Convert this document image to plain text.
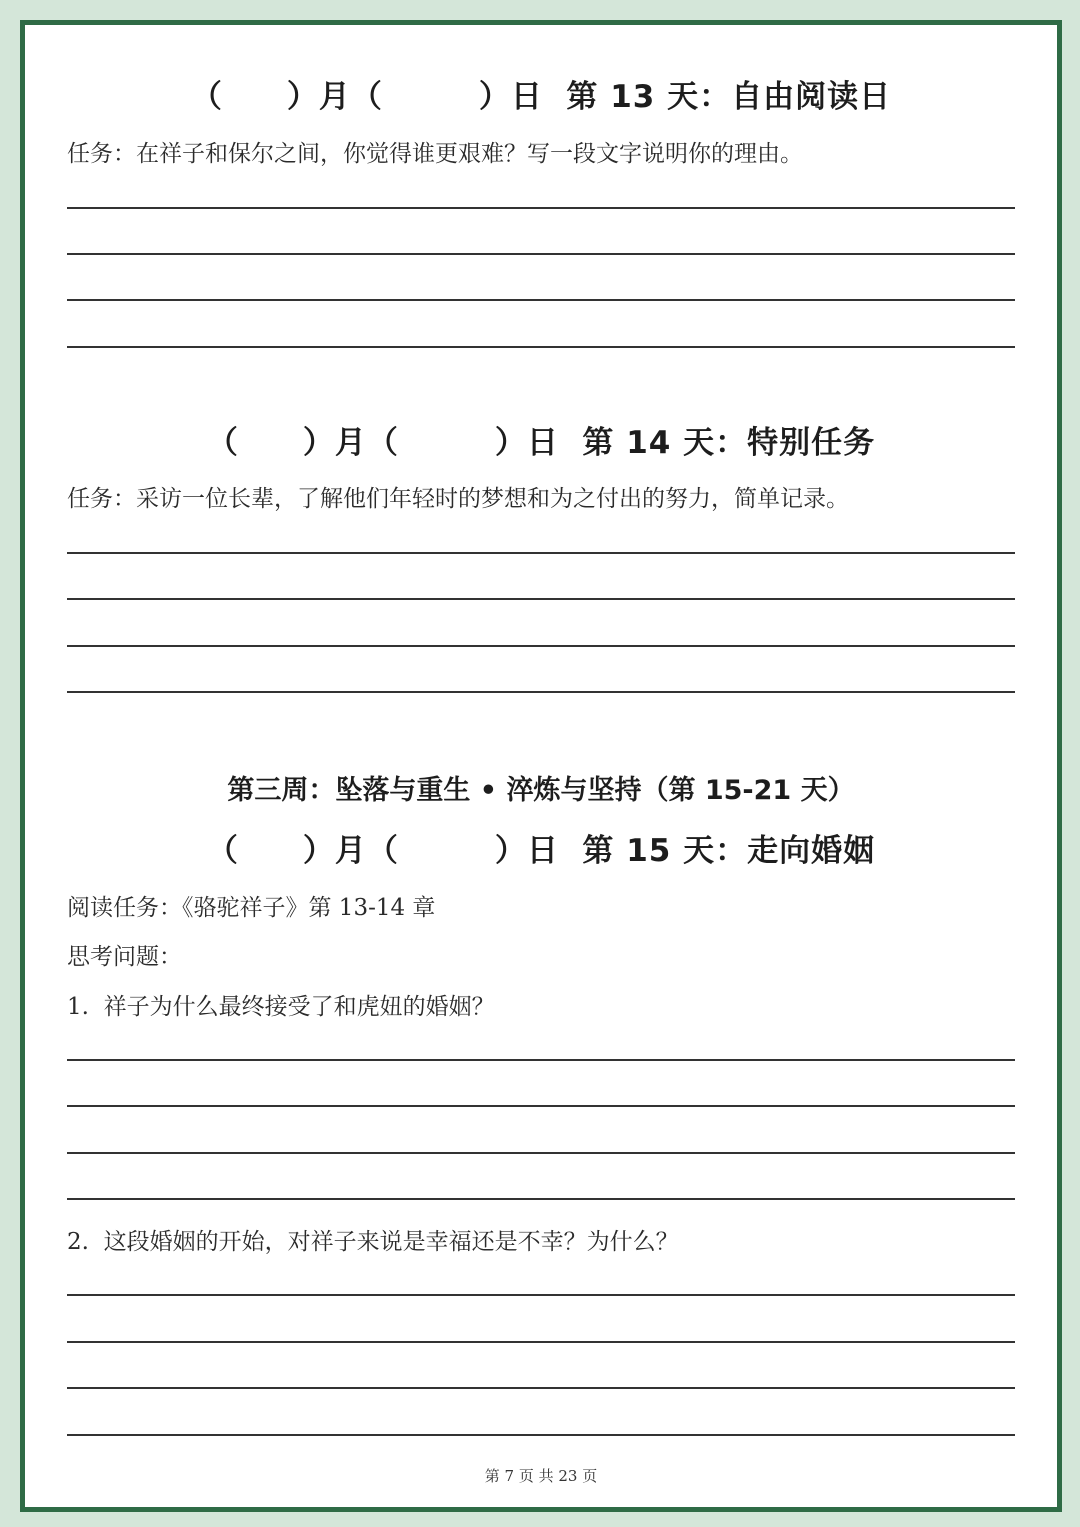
（　　）月（　　　）日  第 13 天：自由阅读日
任务：在祥子和保尔之间，你觉得谁更艰难？写一段文字说明你的理由。
（　　）月（　　　）日  第 14 天：特别任务
任务：采访一位长辈，了解他们年轻时的梦想和为之付出的努力，简单记录。
第三周：坠落与重生 • 淬炼与坚持（第 15-21 天）
（　　）月（　　　）日  第 15 天：走向婚姻
阅读任务：《骆驼祥子》第 13-14 章
思考问题：
1.  祥子为什么最终接受了和虎妞的婚姻？
2.  这段婚姻的开始，对祥子来说是幸福还是不幸？为什么？
第 7 页 共 23 页
